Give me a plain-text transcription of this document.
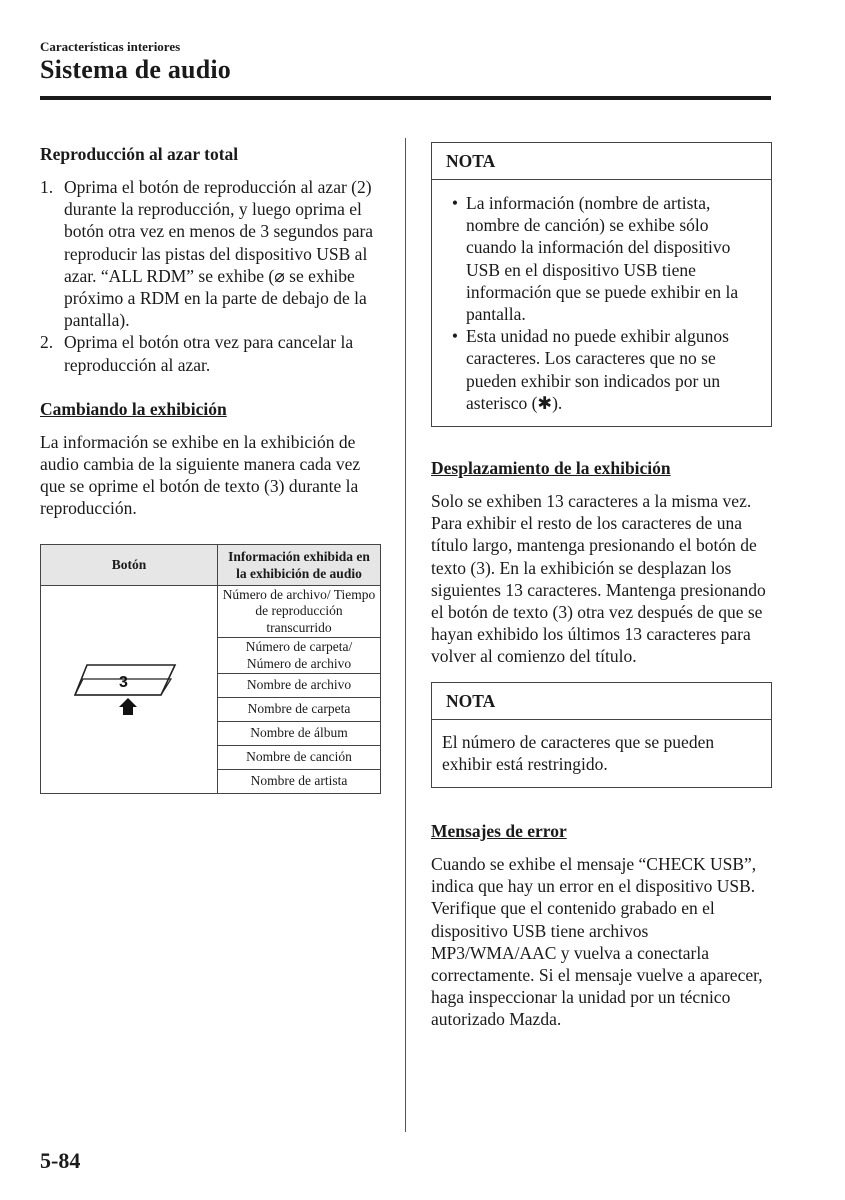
Características interiores
Sistema de audio
Reproducción al azar total
1. Oprima el botón de reproducción al azar (2) durante la reproducción, y luego oprima el botón otra vez en menos de 3 segundos para reproducir las pistas del dispositivo USB al azar. “ALL RDM” se exhibe (⌀ se exhibe próximo a RDM en la parte de debajo de la pantalla).
2. Oprima el botón otra vez para cancelar la reproducción al azar.
Cambiando la exhibición

La información se exhibe en la exhibición de audio cambia de la siguiente manera cada vez que se oprime el botón de texto (3) durante la reproducción.

Botón	Información exhibida en la exhibición de audio

3	Número de archivo/ Tiempo de reproducción transcurrido
	Número de carpeta/ Número de archivo
	Nombre de archivo
	Nombre de carpeta
	Nombre de álbum
	Nombre de canción
	Nombre de artista
NOTA
• La información (nombre de artista, nombre de canción) se exhibe sólo cuando la información del dispositivo USB en el dispositivo USB tiene información que se puede exhibir en la pantalla.
• Esta unidad no puede exhibir algunos caracteres. Los caracteres que no se pueden exhibir son indicados por un asterisco (✱).
Desplazamiento de la exhibición

Solo se exhiben 13 caracteres a la misma vez. Para exhibir el resto de los caracteres de una título largo, mantenga presionando el botón de texto (3). En la exhibición se desplazan los siguientes 13 caracteres. Mantenga presionando el botón de texto (3) otra vez después de que se hayan exhibido los últimos 13 caracteres para volver al comienzo del título.

NOTA
El número de caracteres que se pueden exhibir está restringido.
Mensajes de error

Cuando se exhibe el mensaje “CHECK USB”, indica que hay un error en el dispositivo USB. Verifique que el contenido grabado en el dispositivo USB tiene archivos MP3/WMA/AAC y vuelva a conectarla correctamente. Si el mensaje vuelve a aparecer, haga inspeccionar la unidad por un técnico autorizado Mazda.

5-84
